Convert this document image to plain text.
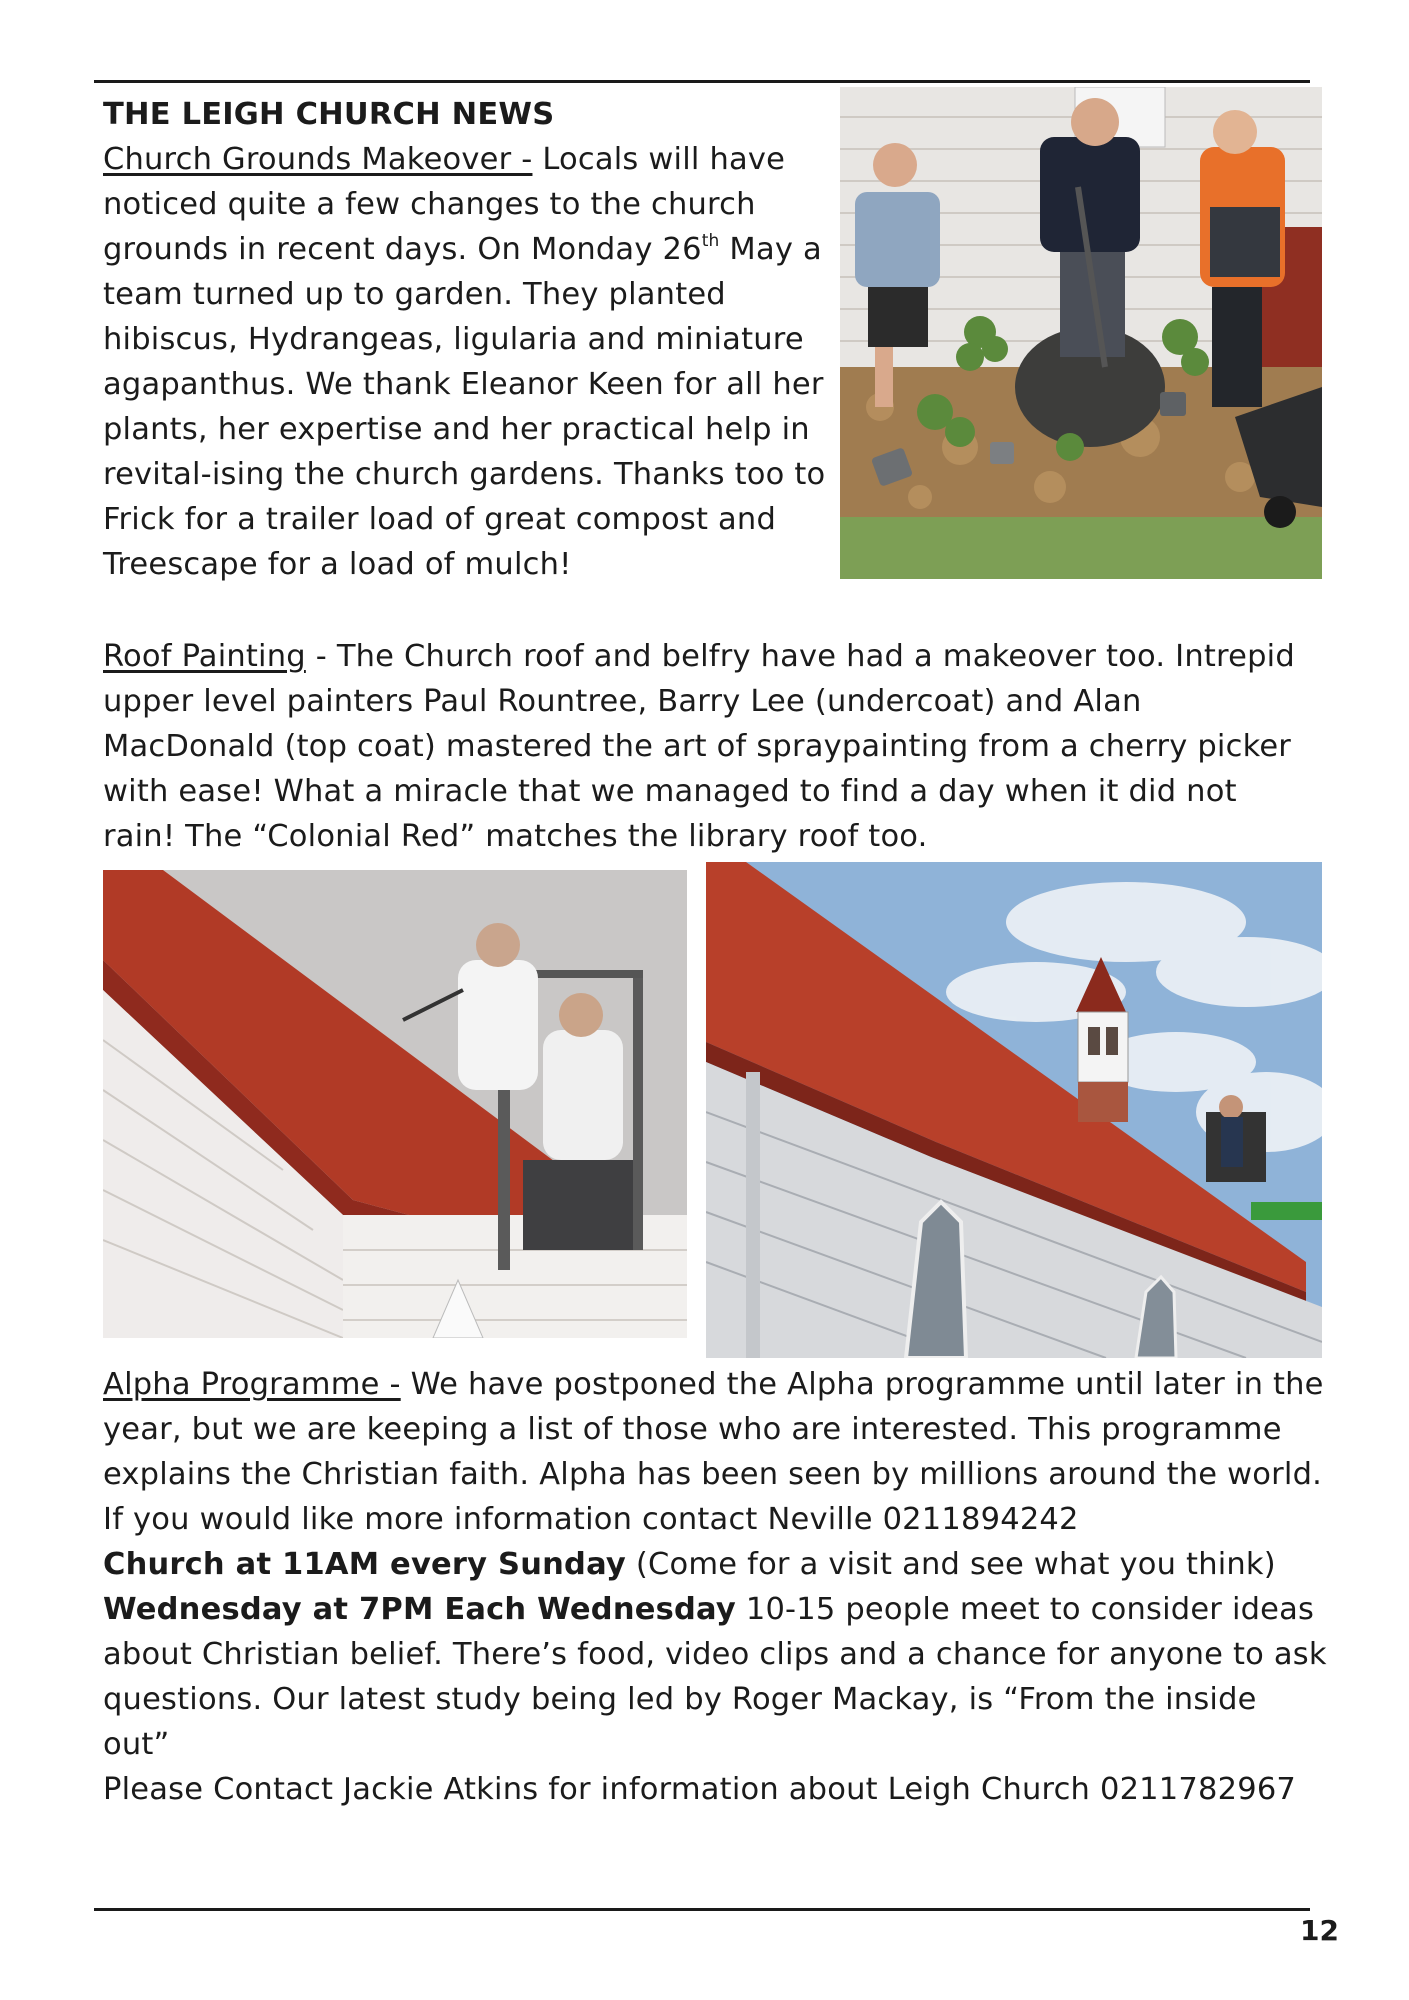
THE LEIGH CHURCH NEWS
Church Grounds Makeover - Locals will have noticed quite a few changes to the church grounds in recent days. On Monday 26th May a team turned up to garden. They planted hibiscus, Hydrangeas, ligularia and miniature agapanthus. We thank Eleanor Keen for all her plants, her expertise and her practical help in revital-ising the church gardens. Thanks too to Frick for a trailer load of great compost and Treescape for a load of mulch!
Roof Painting - The Church roof and belfry have had a makeover too. Intrepid upper level painters Paul Rountree, Barry Lee (undercoat) and Alan MacDonald (top coat) mastered the art of spraypainting from a cherry picker with ease! What a miracle that we managed to find a day when it did not rain! The “Colonial Red” matches the library roof too.
Alpha Programme - We have postponed the Alpha programme until later in the year, but we are keeping a list of those who are interested. This programme explains the Christian faith. Alpha has been seen by millions around the world. If you would like more information contact Neville 0211894242
Church at 11AM every Sunday (Come for a visit and see what you think)
Wednesday at 7PM Each Wednesday 10-15 people meet to consider ideas about Christian belief. There’s food, video clips and a chance for anyone to ask questions. Our latest study being led by Roger Mackay, is “From the inside out”
Please Contact Jackie Atkins for information about Leigh Church 0211782967
12
